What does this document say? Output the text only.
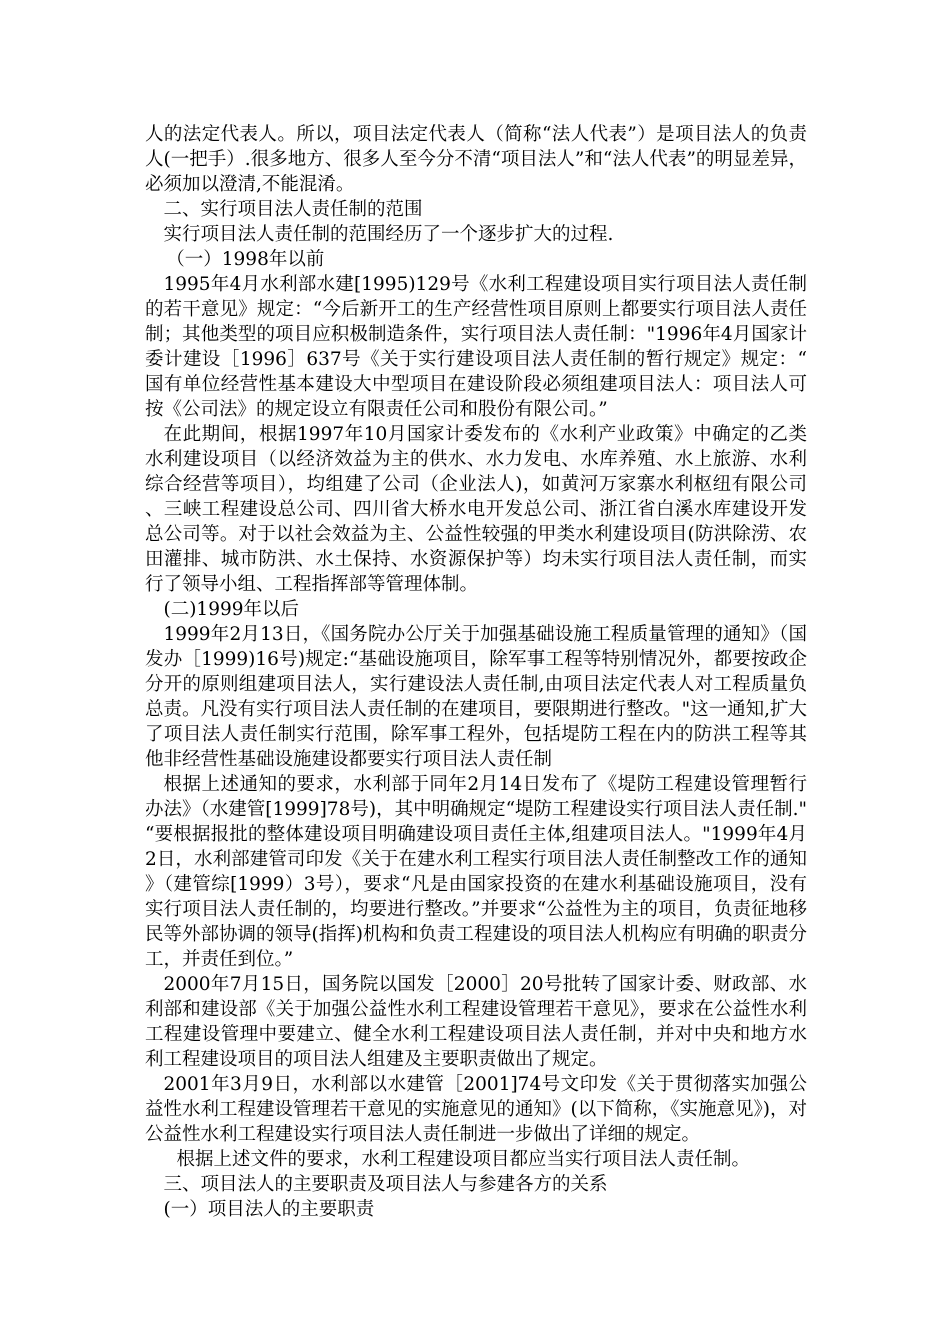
人的法定代表人。所以，项目法定代表人（简称“法人代表”）是项目法人的负责人(一把手）.很多地方、很多人至今分不清“项目法人”和“法人代表”的明显差异，必须加以澄清,不能混淆。

二、实行项目法人责任制的范围

实行项目法人责任制的范围经历了一个逐步扩大的过程.

（一）1998年以前

1995年4月水利部水建[1995)129号《水利工程建设项目实行项目法人责任制的若干意见》规定：“今后新开工的生产经营性项目原则上都要实行项目法人责任制；其他类型的项目应积极制造条件，实行项目法人责任制："1996年4月国家计委计建设［1996］637号《关于实行建设项目法人责任制的暂行规定》规定：“国有单位经营性基本建设大中型项目在建设阶段必须组建项目法人：项目法人可按《公司法》的规定设立有限责任公司和股份有限公司。”

在此期间，根据1997年10月国家计委发布的《水利产业政策》中确定的乙类水利建设项目（以经济效益为主的供水、水力发电、水库养殖、水上旅游、水利综合经营等项目），均组建了公司（企业法人)，如黄河万家寨水利枢纽有限公司、三峡工程建设总公司、四川省大桥水电开发总公司、浙江省白溪水库建设开发总公司等。对于以社会效益为主、公益性较强的甲类水利建设项目(防洪除涝、农田灌排、城市防洪、水土保持、水资源保护等）均未实行项目法人责任制，而实行了领导小组、工程指挥部等管理体制。

(二)1999年以后

1999年2月13日，《国务院办公厅关于加强基础设施工程质量管理的通知》（国发办［1999)16号)规定:“基础设施项目，除军事工程等特别情况外，都要按政企分开的原则组建项目法人，实行建设法人责任制,由项目法定代表人对工程质量负总责。凡没有实行项目法人责任制的在建项目，要限期进行整改。"这一通知,扩大了项目法人责任制实行范围，除军事工程外，包括堤防工程在内的防洪工程等其他非经营性基础设施建设都要实行项目法人责任制

根据上述通知的要求，水利部于同年2月14日发布了《堤防工程建设管理暂行办法》（水建管[1999]78号)，其中明确规定“堤防工程建设实行项目法人责任制."“要根据报批的整体建设项目明确建设项目责任主体,组建项目法人。"1999年4月2日，水利部建管司印发《关于在建水利工程实行项目法人责任制整改工作的通知》（建管综[1999）3号），要求“凡是由国家投资的在建水利基础设施项目，没有实行项目法人责任制的，均要进行整改。”并要求“公益性为主的项目，负责征地移民等外部协调的领导(指挥)机构和负责工程建设的项目法人机构应有明确的职责分工，并责任到位。”

2000年7月15日，国务院以国发［2000］20号批转了国家计委、财政部、水利部和建设部《关于加强公益性水利工程建设管理若干意见》，要求在公益性水利工程建设管理中要建立、健全水利工程建设项目法人责任制，并对中央和地方水利工程建设项目的项目法人组建及主要职责做出了规定。

2001年3月9日，水利部以水建管［2001]74号文印发《关于贯彻落实加强公益性水利工程建设管理若干意见的实施意见的通知》(以下简称，《实施意见》)，对公益性水利工程建设实行项目法人责任制进一步做出了详细的规定。

根据上述文件的要求，水利工程建设项目都应当实行项目法人责任制。

三、项目法人的主要职责及项目法人与参建各方的关系

(一）项目法人的主要职责
